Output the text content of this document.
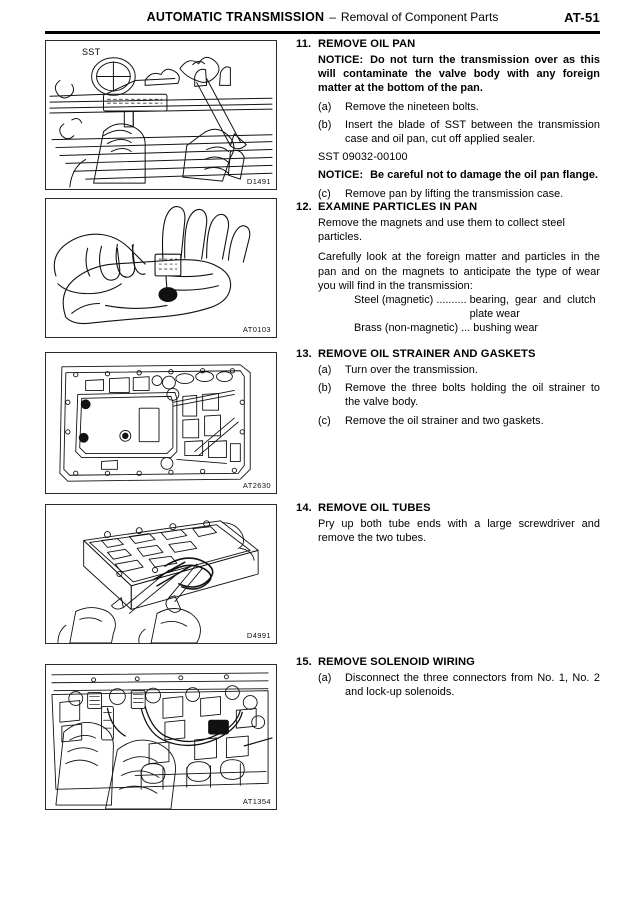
AUTOMATIC TRANSMISSION – Removal of Component Parts	AT-51
SST
D1491
AT0103
AT2630
D4991
AT1354
11. REMOVE OIL PAN
NOTICE: Do not turn the transmission over as this will contaminate the valve body with any foreign matter at the bottom of the pan.
(a)	Remove the nineteen bolts.
(b)	Insert the blade of SST between the transmission case and oil pan, cut off applied sealer.
SST 09032-00100
NOTICE: Be careful not to damage the oil pan flange.
(c)	Remove pan by lifting the transmission case.
12. EXAMINE PARTICLES IN PAN
Remove the magnets and use them to collect steel particles.
Carefully look at the foreign matter and particles in the pan and on the magnets to anticipate the type of wear you will find in the transmission:
Steel (magnetic) .......... bearing,  gear  and  clutch
plate wear
Brass (non-magnetic) ... bushing wear
13. REMOVE OIL STRAINER AND GASKETS
(a)	Turn over the transmission.
(b)	Remove the three bolts holding the oil strainer to the valve body.
(c)	Remove the oil strainer and two gaskets.
14. REMOVE OIL TUBES
Pry up both tube ends with a large screwdriver and remove the two tubes.
15. REMOVE SOLENOID WIRING
(a)	Disconnect the three connectors from No. 1, No. 2 and lock-up solenoids.
